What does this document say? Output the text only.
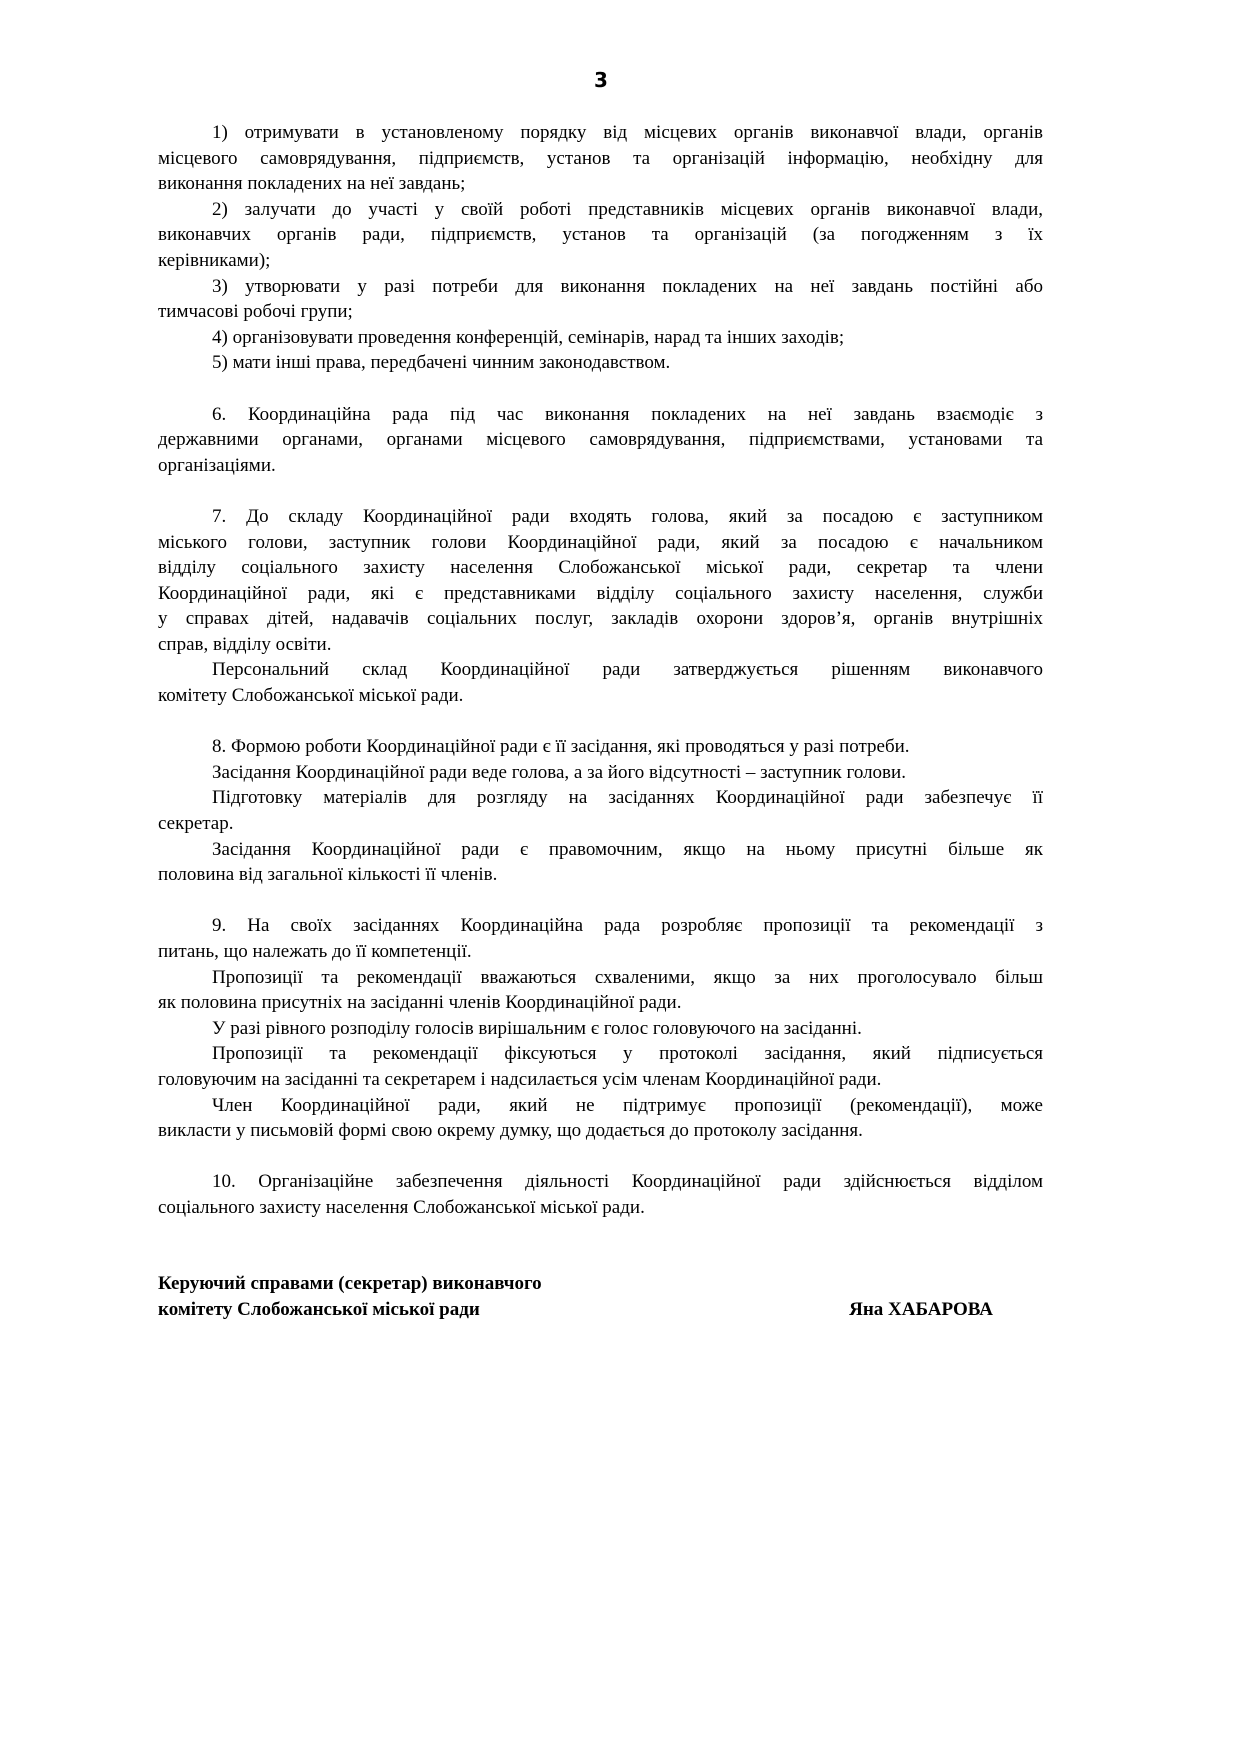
3
1) отримувати в установленому порядку від місцевих органів виконавчої влади, органів
місцевого самоврядування, підприємств, установ та організацій інформацію, необхідну для
виконання покладених на неї завдань;
2) залучати до участі у своїй роботі представників місцевих органів виконавчої влади,
виконавчих органів ради, підприємств, установ та організацій (за погодженням з їх
керівниками);
3) утворювати у разі потреби для виконання покладених на неї завдань постійні або
тимчасові робочі групи;
4) організовувати проведення конференцій, семінарів, нарад та інших заходів;
5) мати інші права, передбачені чинним законодавством.
6. Координаційна рада під час виконання покладених на неї завдань взаємодіє з
державними органами, органами місцевого самоврядування, підприємствами, установами та
організаціями.
7. До складу Координаційної ради входять голова, який за посадою є заступником
міського голови, заступник голови Координаційної ради, який за посадою є начальником
відділу соціального захисту населення Слобожанської міської ради, секретар та члени
Координаційної ради, які є представниками відділу соціального захисту населення, служби
у справах дітей, надавачів соціальних послуг, закладів охорони здоров’я, органів внутрішніх
справ, відділу освіти.
Персональний склад Координаційної ради затверджується рішенням виконавчого
комітету Слобожанської міської ради.
8. Формою роботи Координаційної ради є її засідання, які проводяться у разі потреби.
Засідання Координаційної ради веде голова, а за його відсутності – заступник голови.
Підготовку матеріалів для розгляду на засіданнях Координаційної ради забезпечує її
секретар.
Засідання Координаційної ради є правомочним, якщо на ньому присутні більше як
половина від загальної кількості її членів.
9. На своїх засіданнях Координаційна рада розробляє пропозиції та рекомендації з
питань, що належать до її компетенції.
Пропозиції та рекомендації вважаються схваленими, якщо за них проголосувало більш
як половина присутніх на засіданні членів Координаційної ради.
У разі рівного розподілу голосів вирішальним є голос головуючого на засіданні.
Пропозиції та рекомендації фіксуються у протоколі засідання, який підписується
головуючим на засіданні та секретарем і надсилається усім членам Координаційної ради.
Член Координаційної ради, який не підтримує пропозиції (рекомендації), може
викласти у письмовій формі свою окрему думку, що додається до протоколу засідання.
10. Організаційне забезпечення діяльності Координаційної ради здійснюється відділом
соціального захисту населення Слобожанської міської ради.
Керуючий справами (секретар) виконавчого
комітету Слобожанської міської ради	Яна ХАБАРОВА
